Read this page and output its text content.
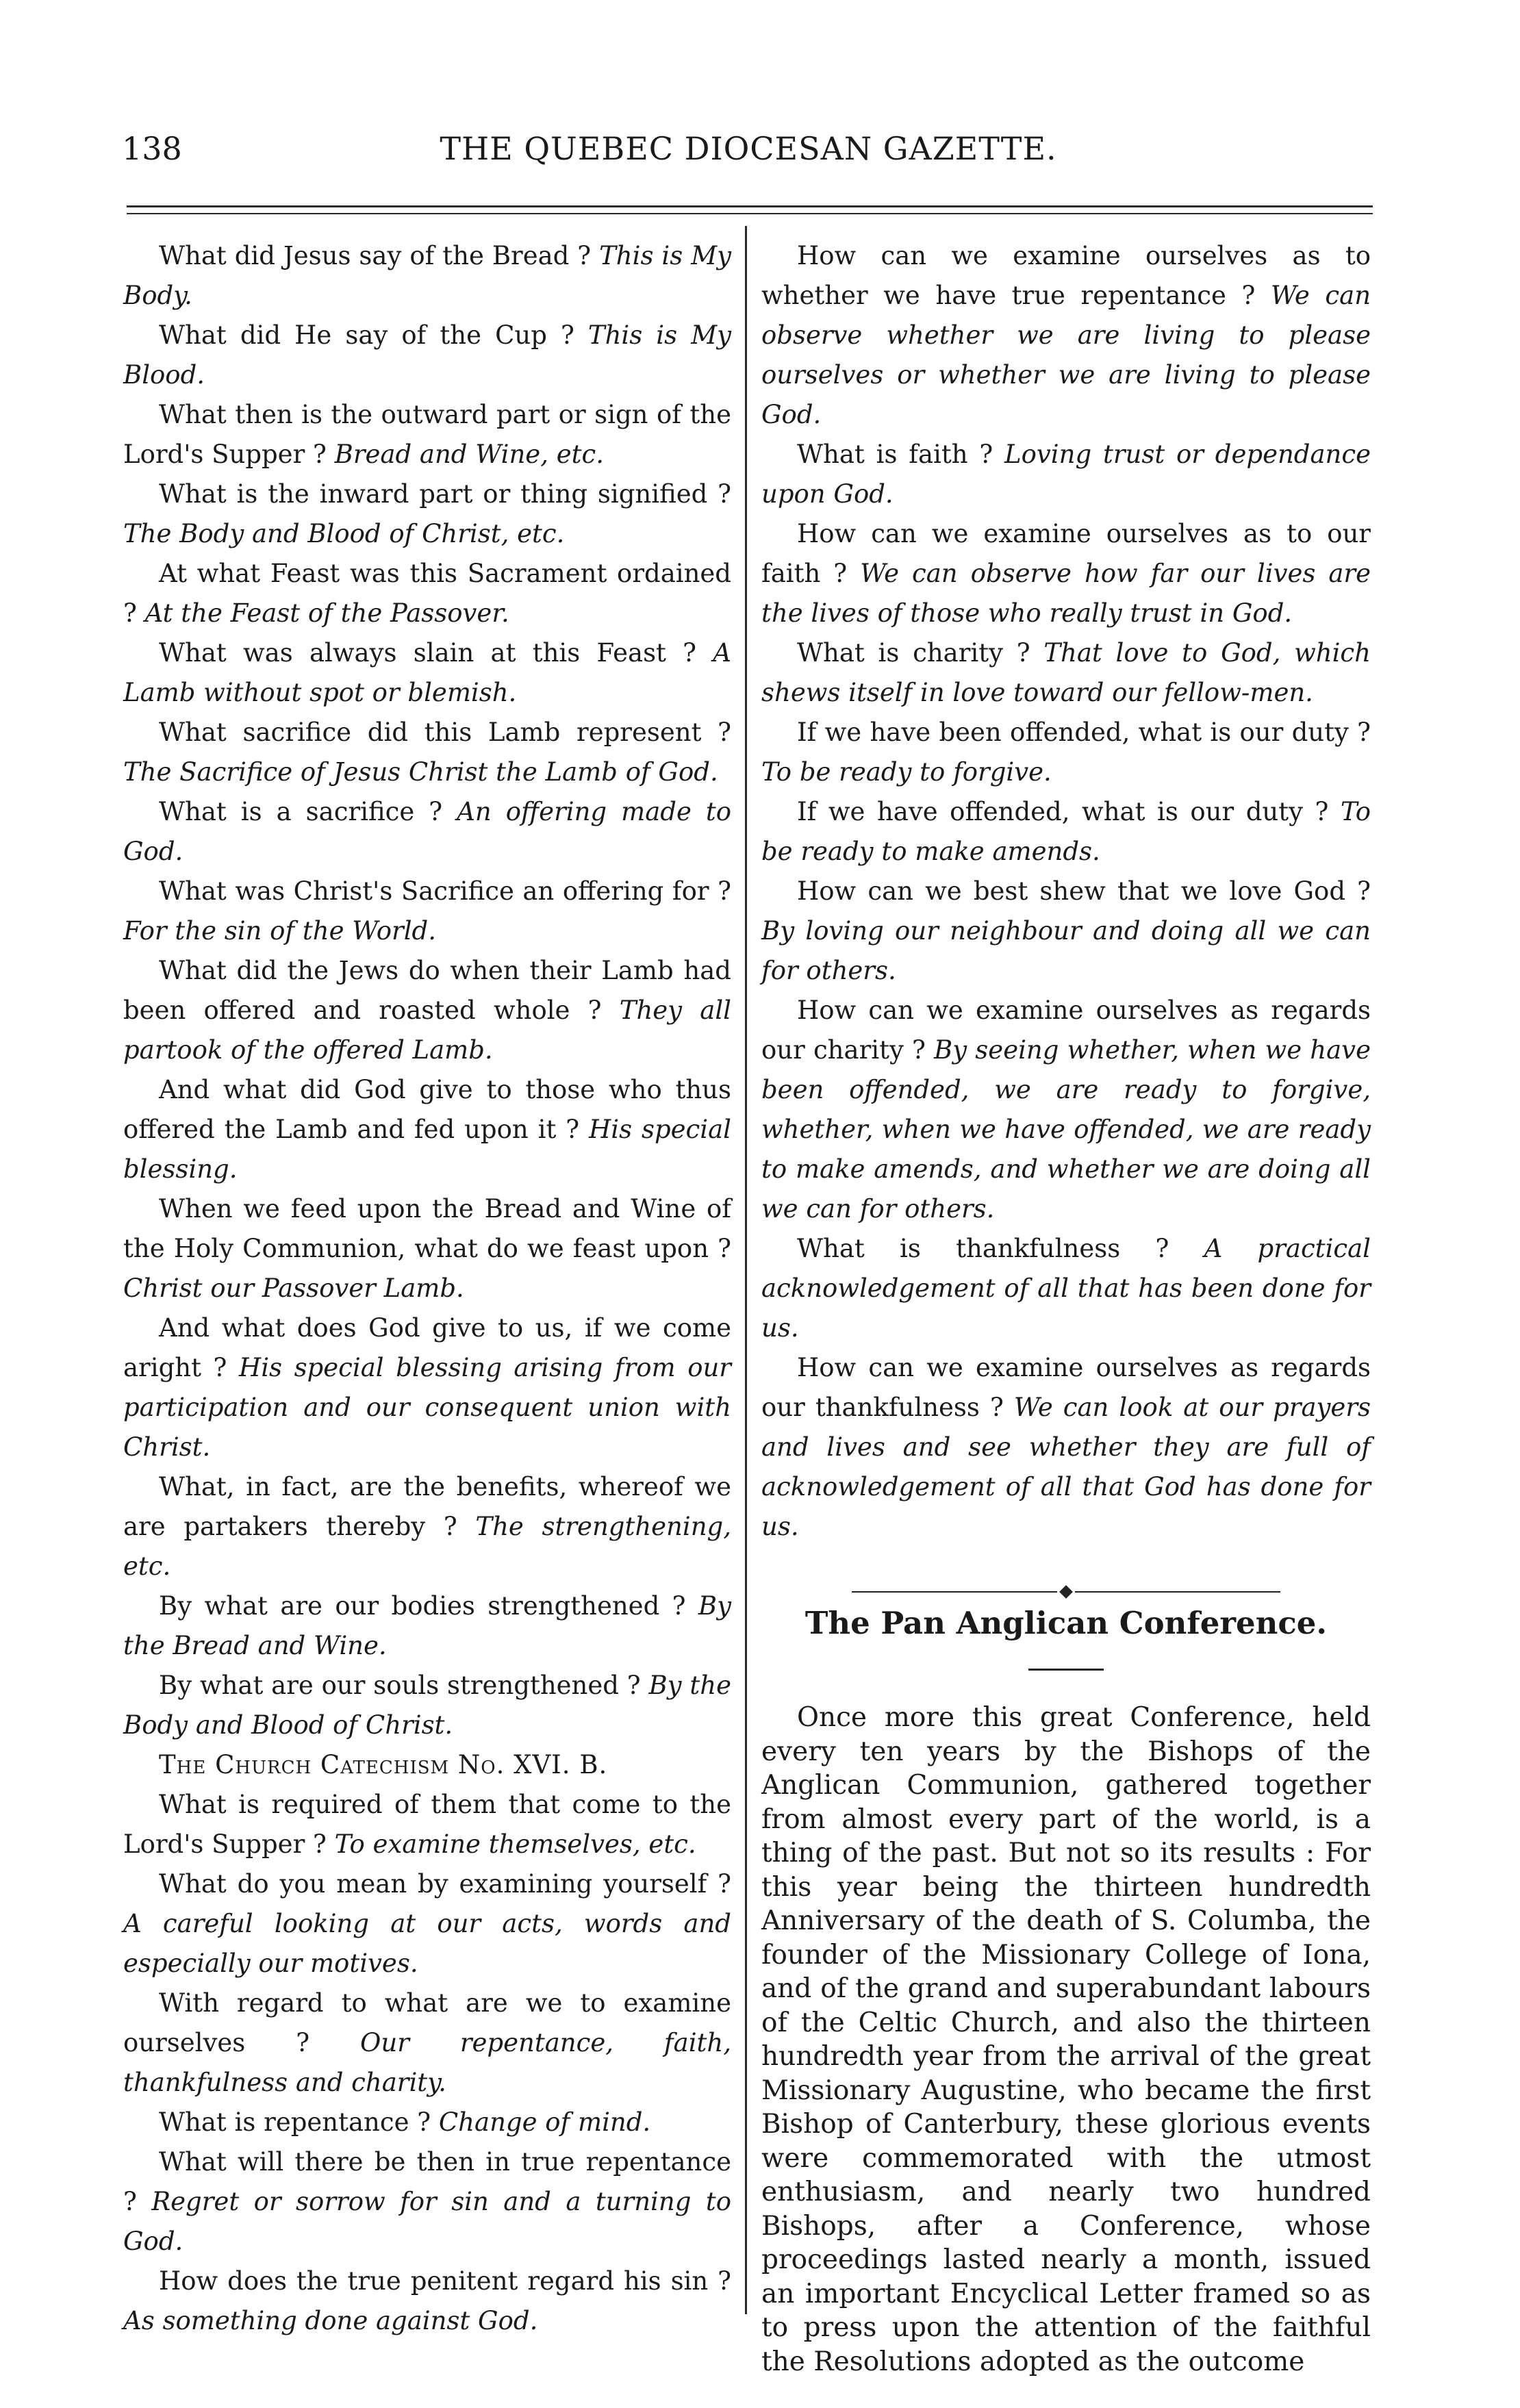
138	THE QUEBEC DIOCESAN GAZETTE.

What did Jesus say of the Bread ? This is My Body.

What did He say of the Cup ? This is My Blood.

What then is the outward part or sign of the Lord's Supper ? Bread and Wine, etc.

What is the inward part or thing signified ? The Body and Blood of Christ, etc.

At what Feast was this Sacrament ordained ? At the Feast of the Passover.

What was always slain at this Feast ? A Lamb without spot or blemish.

What sacrifice did this Lamb represent ? The Sacrifice of Jesus Christ the Lamb of God.

What is a sacrifice ? An offering made to God.

What was Christ's Sacrifice an offering for ? For the sin of the World.

What did the Jews do when their Lamb had been offered and roasted whole ? They all partook of the offered Lamb.

And what did God give to those who thus offered the Lamb and fed upon it ? His special blessing.

When we feed upon the Bread and Wine of the Holy Communion, what do we feast upon ? Christ our Passover Lamb.

And what does God give to us, if we come aright ? His special blessing arising from our participation and our consequent union with Christ.

What, in fact, are the benefits, whereof we are partakers thereby ? The strengthening, etc.

By what are our bodies strengthened ? By the Bread and Wine.

By what are our souls strengthened ? By the Body and Blood of Christ.

The Church Catechism No. XVI. B.

What is required of them that come to the Lord's Supper ? To examine themselves, etc.

What do you mean by examining yourself ? A careful looking at our acts, words and especially our motives.

With regard to what are we to examine ourselves ? Our repentance, faith, thankfulness and charity.

What is repentance ? Change of mind.

What will there be then in true repentance ? Regret or sorrow for sin and a turning to God.

How does the true penitent regard his sin ? As something done against God.

How can we examine ourselves as to whether we have true repentance ? We can observe whether we are living to please ourselves or whether we are living to please God.

What is faith ? Loving trust or dependance upon God.

How can we examine ourselves as to our faith ? We can observe how far our lives are the lives of those who really trust in God.

What is charity ? That love to God, which shews itself in love toward our fellow-men.

If we have been offended, what is our duty ? To be ready to forgive.

If we have offended, what is our duty ? To be ready to make amends.

How can we best shew that we love God ? By loving our neighbour and doing all we can for others.

How can we examine ourselves as regards our charity ? By seeing whether, when we have been offended, we are ready to forgive, whether, when we have offended, we are ready to make amends, and whether we are doing all we can for others.

What is thankfulness ? A practical acknowledgement of all that has been done for us.

How can we examine ourselves as regards our thankfulness ? We can look at our prayers and lives and see whether they are full of acknowledgement of all that God has done for us.

The Pan Anglican Conference.

Once more this great Conference, held every ten years by the Bishops of the Anglican Communion, gathered together from almost every part of the world, is a thing of the past. But not so its results : For this year being the thirteen hundredth Anniversary of the death of S. Columba, the founder of the Missionary College of Iona, and of the grand and superabundant labours of the Celtic Church, and also the thirteen hundredth year from the arrival of the great Missionary Augustine, who became the first Bishop of Canterbury, these glorious events were commemorated with the utmost enthusiasm, and nearly two hundred Bishops, after a Conference, whose proceedings lasted nearly a month, issued an important Encyclical Letter framed so as to press upon the attention of the faithful the Resolutions adopted as the outcome
